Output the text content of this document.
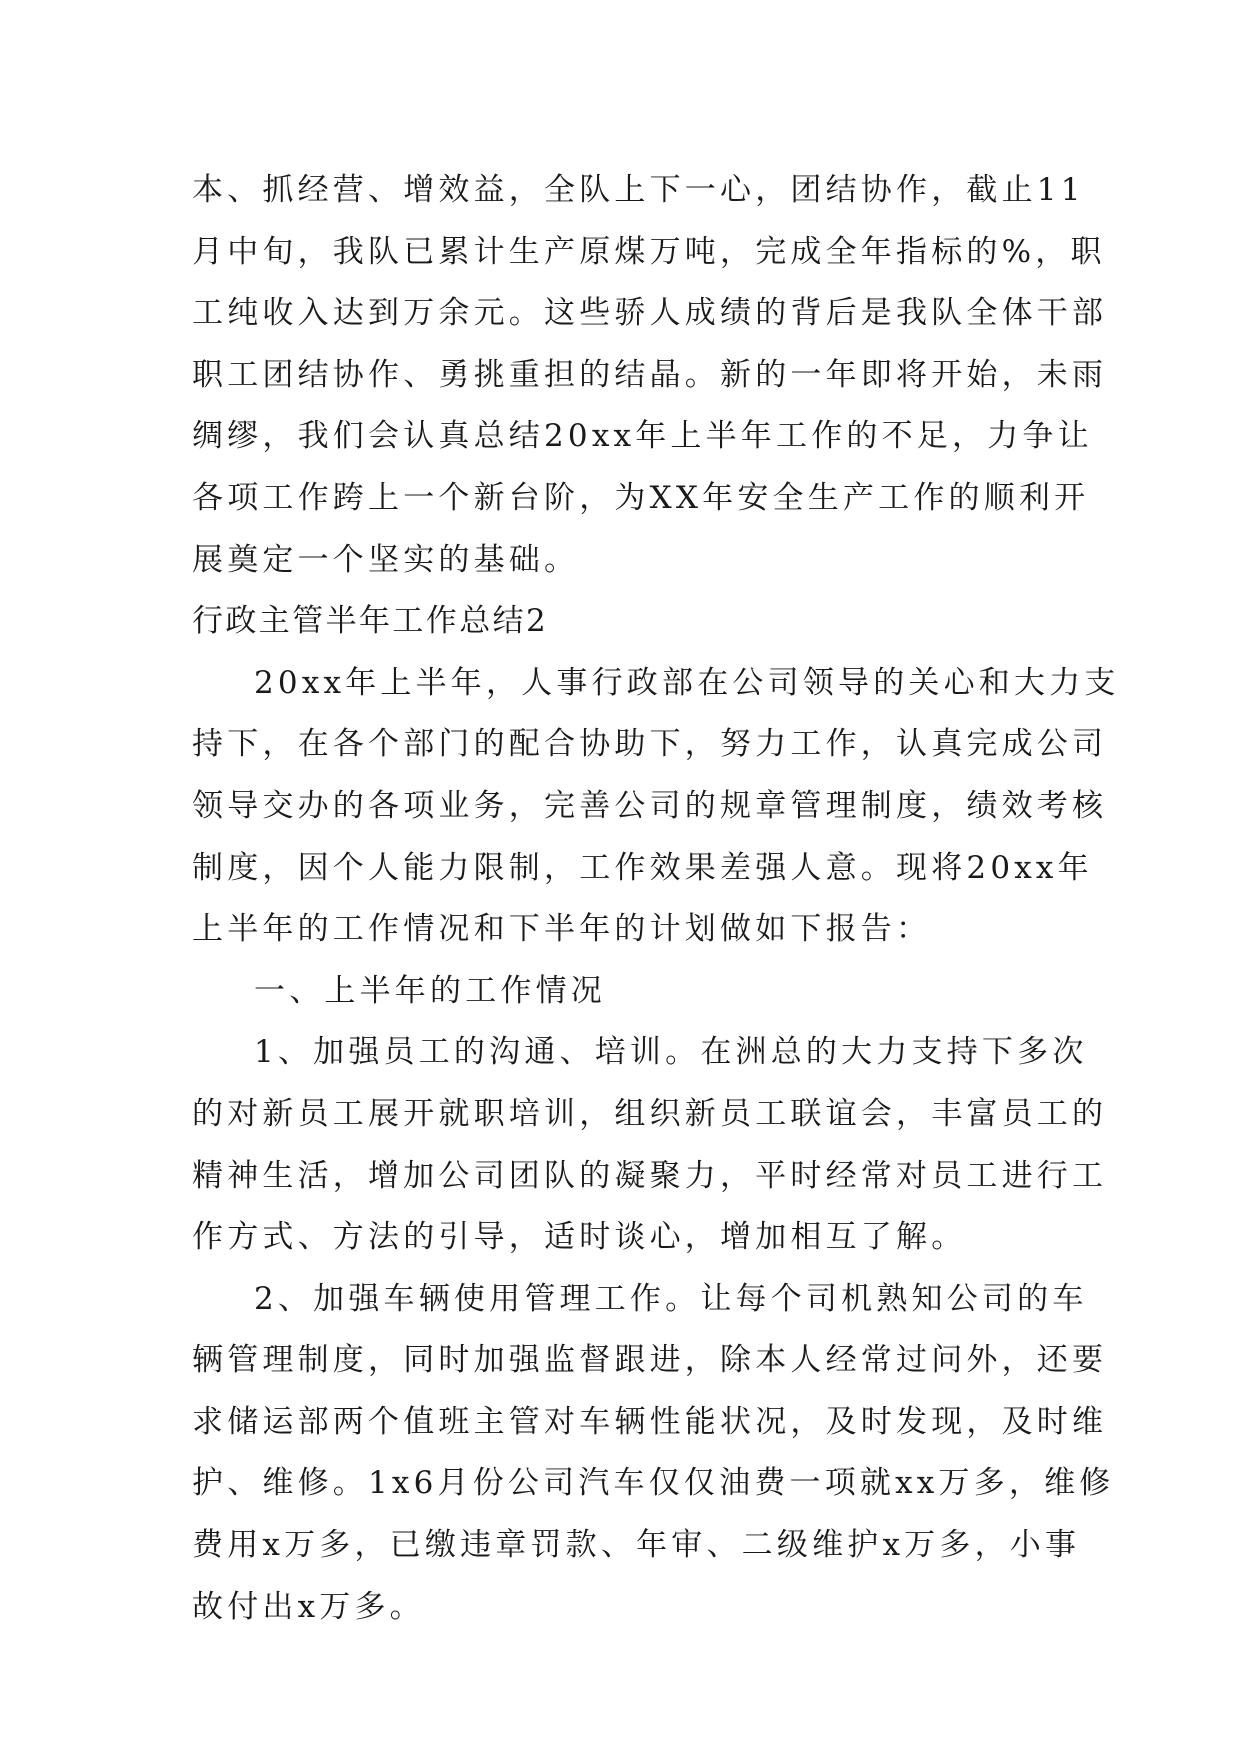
本、抓经营、增效益，全队上下一心，团结协作，截止11
月中旬，我队已累计生产原煤万吨，完成全年指标的%，职
工纯收入达到万余元。这些骄人成绩的背后是我队全体干部
职工团结协作、勇挑重担的结晶。新的一年即将开始，未雨
绸缪，我们会认真总结20xx年上半年工作的不足，力争让
各项工作跨上一个新台阶，为XX年安全生产工作的顺利开
展奠定一个坚实的基础。
行政主管半年工作总结2
20xx年上半年，人事行政部在公司领导的关心和大力支
持下，在各个部门的配合协助下，努力工作，认真完成公司
领导交办的各项业务，完善公司的规章管理制度，绩效考核
制度，因个人能力限制，工作效果差强人意。现将20xx年
上半年的工作情况和下半年的计划做如下报告：
一、上半年的工作情况
1、加强员工的沟通、培训。在洲总的大力支持下多次
的对新员工展开就职培训，组织新员工联谊会，丰富员工的
精神生活，增加公司团队的凝聚力，平时经常对员工进行工
作方式、方法的引导，适时谈心，增加相互了解。
2、加强车辆使用管理工作。让每个司机熟知公司的车
辆管理制度，同时加强监督跟进，除本人经常过问外，还要
求储运部两个值班主管对车辆性能状况，及时发现，及时维
护、维修。1x6月份公司汽车仅仅油费一项就xx万多，维修
费用x万多，已缴违章罚款、年审、二级维护x万多，小事
故付出x万多。
